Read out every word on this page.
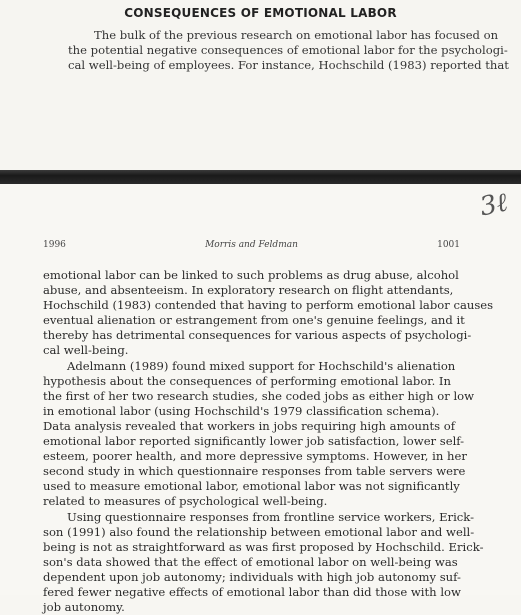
CONSEQUENCES OF EMOTIONAL LABOR
The bulk of the previous research on emotional labor has focused on
the potential negative consequences of emotional labor for the psychologi-
cal well-being of employees. For instance, Hochschild (1983) reported that
3ℓ
1996	Morris and Feldman	1001
emotional labor can be linked to such problems as drug abuse, alcohol
abuse, and absenteeism. In exploratory research on flight attendants,
Hochschild (1983) contended that having to perform emotional labor causes
eventual alienation or estrangement from one's genuine feelings, and it
thereby has detrimental consequences for various aspects of psychologi-
cal well-being.
Adelmann (1989) found mixed support for Hochschild's alienation
hypothesis about the consequences of performing emotional labor. In
the first of her two research studies, she coded jobs as either high or low
in emotional labor (using Hochschild's 1979 classification schema).
Data analysis revealed that workers in jobs requiring high amounts of
emotional labor reported significantly lower job satisfaction, lower self-
esteem, poorer health, and more depressive symptoms. However, in her
second study in which questionnaire responses from table servers were
used to measure emotional labor, emotional labor was not significantly
related to measures of psychological well-being.
Using questionnaire responses from frontline service workers, Erick-
son (1991) also found the relationship between emotional labor and well-
being is not as straightforward as was first proposed by Hochschild. Erick-
son's data showed that the effect of emotional labor on well-being was
dependent upon job autonomy; individuals with high job autonomy suf-
fered fewer negative effects of emotional labor than did those with low
job autonomy.
